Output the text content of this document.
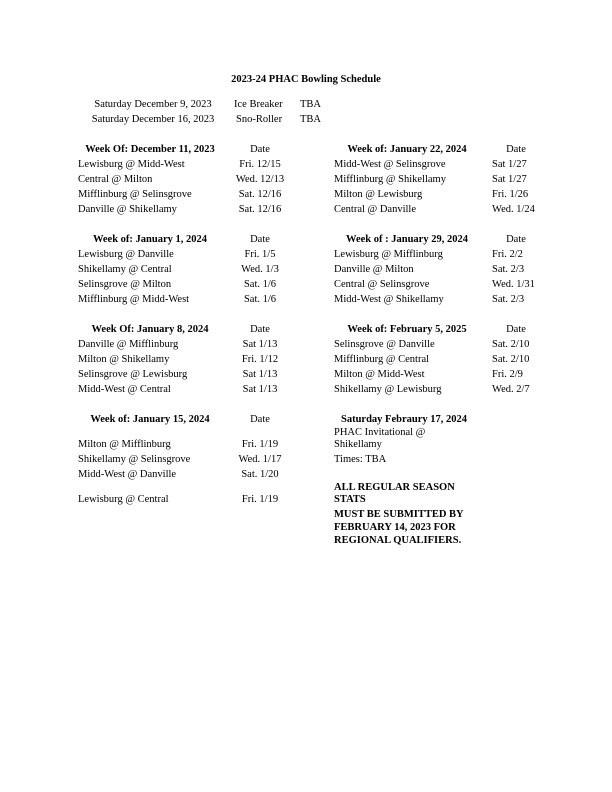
2023-24 PHAC Bowling Schedule
Saturday December 9, 2023	Ice Breaker TBA
Saturday December 16, 2023	Sno-Roller TBA
Week Of: December 11, 2023	Date
Lewisburg @ Midd-West	Fri. 12/15
Central @ Milton	Wed. 12/13
Mifflinburg @ Selinsgrove	Sat. 12/16
Danville @ Shikellamy	Sat. 12/16
Week of: January 1, 2024	Date
Lewisburg @ Danville	Fri. 1/5
Shikellamy @ Central	Wed. 1/3
Selinsgrove @ Milton	Sat. 1/6
Mifflinburg @ Midd-West	Sat. 1/6
Week Of: January 8, 2024	Date
Danville @ Mifflinburg	Sat 1/13
Milton @ Shikellamy	Fri. 1/12
Selinsgrove @ Lewisburg	Sat 1/13
Midd-West @ Central	Sat 1/13
Week of: January 15, 2024	Date
Milton @ Mifflinburg	Fri. 1/19
Shikellamy @ Selinsgrove	Wed. 1/17
Midd-West @ Danville	Sat. 1/20
Lewisburg @ Central	Fri. 1/19
Week of: January 22, 2024	Date
Midd-West @ Selinsgrove	Sat 1/27
Mifflinburg @ Shikellamy	Sat 1/27
Milton @ Lewisburg	Fri. 1/26
Central @ Danville	Wed. 1/24
Week of : January 29, 2024	Date
Lewisburg @ Mifflinburg	Fri. 2/2
Danville @ Milton	Sat. 2/3
Central @ Selinsgrove	Wed. 1/31
Midd-West @ Shikellamy	Sat. 2/3
Week of: February 5, 2025	Date
Selinsgrove @ Danville	Sat. 2/10
Mifflinburg @ Central	Sat. 2/10
Milton @ Midd-West	Fri. 2/9
Shikellamy @ Lewisburg	Wed. 2/7
Saturday Febraury 17, 2024
PHAC Invitational @
Shikellamy
Times: TBA
ALL REGULAR SEASON
STATS
MUST BE SUBMITTED BY
FEBRUARY 14, 2023 FOR
REGIONAL QUALIFIERS.
